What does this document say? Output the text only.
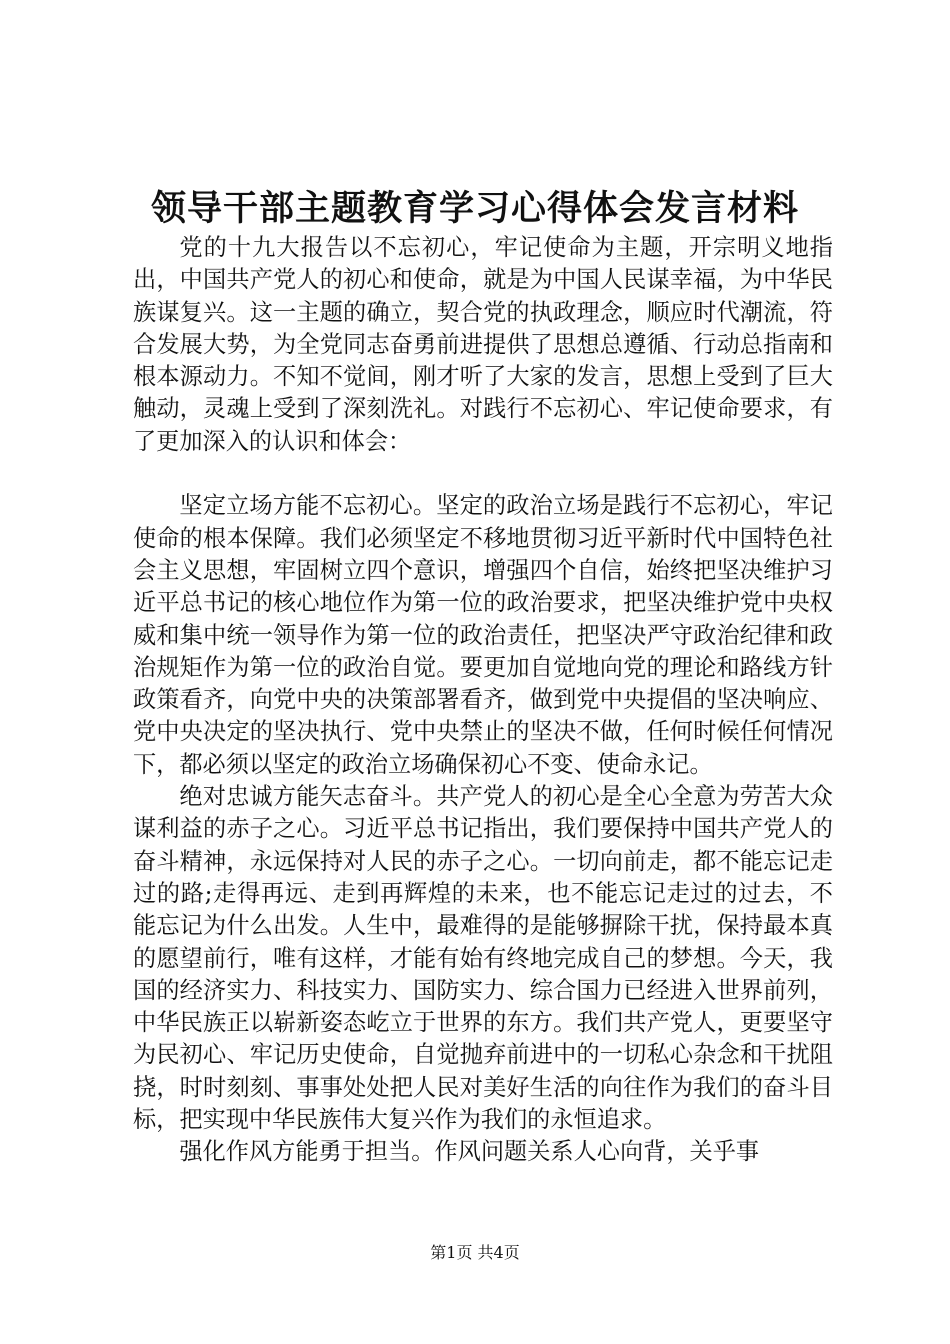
领导干部主题教育学习心得体会发言材料

党的十九大报告以不忘初心，牢记使命为主题，开宗明义地指出，中国共产党人的初心和使命，就是为中国人民谋幸福，为中华民族谋复兴。这一主题的确立，契合党的执政理念，顺应时代潮流，符合发展大势，为全党同志奋勇前进提供了思想总遵循、行动总指南和根本源动力。不知不觉间，刚才听了大家的发言，思想上受到了巨大触动，灵魂上受到了深刻洗礼。对践行不忘初心、牢记使命要求，有了更加深入的认识和体会：

坚定立场方能不忘初心。坚定的政治立场是践行不忘初心，牢记使命的根本保障。我们必须坚定不移地贯彻习近平新时代中国特色社会主义思想，牢固树立四个意识，增强四个自信，始终把坚决维护习近平总书记的核心地位作为第一位的政治要求，把坚决维护党中央权威和集中统一领导作为第一位的政治责任，把坚决严守政治纪律和政治规矩作为第一位的政治自觉。要更加自觉地向党的理论和路线方针政策看齐，向党中央的决策部署看齐，做到党中央提倡的坚决响应、党中央决定的坚决执行、党中央禁止的坚决不做，任何时候任何情况下，都必须以坚定的政治立场确保初心不变、使命永记。

绝对忠诚方能矢志奋斗。共产党人的初心是全心全意为劳苦大众谋利益的赤子之心。习近平总书记指出，我们要保持中国共产党人的奋斗精神，永远保持对人民的赤子之心。一切向前走，都不能忘记走过的路;走得再远、走到再辉煌的未来，也不能忘记走过的过去，不能忘记为什么出发。人生中，最难得的是能够摒除干扰，保持最本真的愿望前行，唯有这样，才能有始有终地完成自己的梦想。今天，我国的经济实力、科技实力、国防实力、综合国力已经进入世界前列，中华民族正以崭新姿态屹立于世界的东方。我们共产党人，更要坚守为民初心、牢记历史使命，自觉抛弃前进中的一切私心杂念和干扰阻挠，时时刻刻、事事处处把人民对美好生活的向往作为我们的奋斗目标，把实现中华民族伟大复兴作为我们的永恒追求。

强化作风方能勇于担当。作风问题关系人心向背，关乎事

第1页 共4页
